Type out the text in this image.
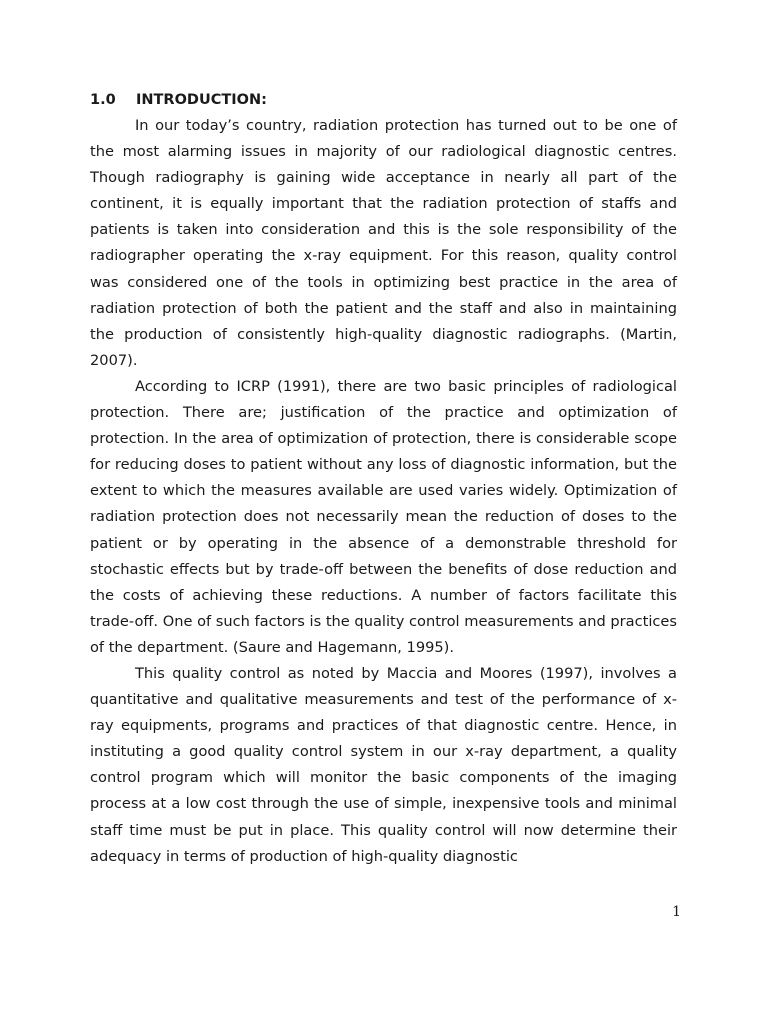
1.0 INTRODUCTION:

In our today’s country, radiation protection has turned out to be one of the most alarming issues in majority of our radiological diagnostic centres. Though radiography is gaining wide acceptance in nearly all part of the continent, it is equally important that the radiation protection of staffs and patients is taken into consideration and this is the sole responsibility of the radiographer operating the x-ray equipment. For this reason, quality control was considered one of the tools in optimizing best practice in the area of radiation protection of both the patient and the staff and also in maintaining the production of consistently high-quality diagnostic radiographs. (Martin, 2007).

According to ICRP (1991), there are two basic principles of radiological protection. There are; justification of the practice and optimization of protection. In the area of optimization of protection, there is considerable scope for reducing doses to patient without any loss of diagnostic information, but the extent to which the measures available are used varies widely. Optimization of radiation protection does not necessarily mean the reduction of doses to the patient or by operating in the absence of a demonstrable threshold for stochastic effects but by trade-off between the benefits of dose reduction and the costs of achieving these reductions. A number of factors facilitate this trade-off. One of such factors is the quality control measurements and practices of the department. (Saure and Hagemann, 1995).

This quality control as noted by Maccia and Moores (1997), involves a quantitative and qualitative measurements and test of the performance of x-ray equipments, programs and practices of that diagnostic centre. Hence, in instituting a good quality control system in our x-ray department, a quality control program which will monitor the basic components of the imaging process at a low cost through the use of simple, inexpensive tools and minimal staff time must be put in place. This quality control will now determine their adequacy in terms of production of high-quality diagnostic

1
